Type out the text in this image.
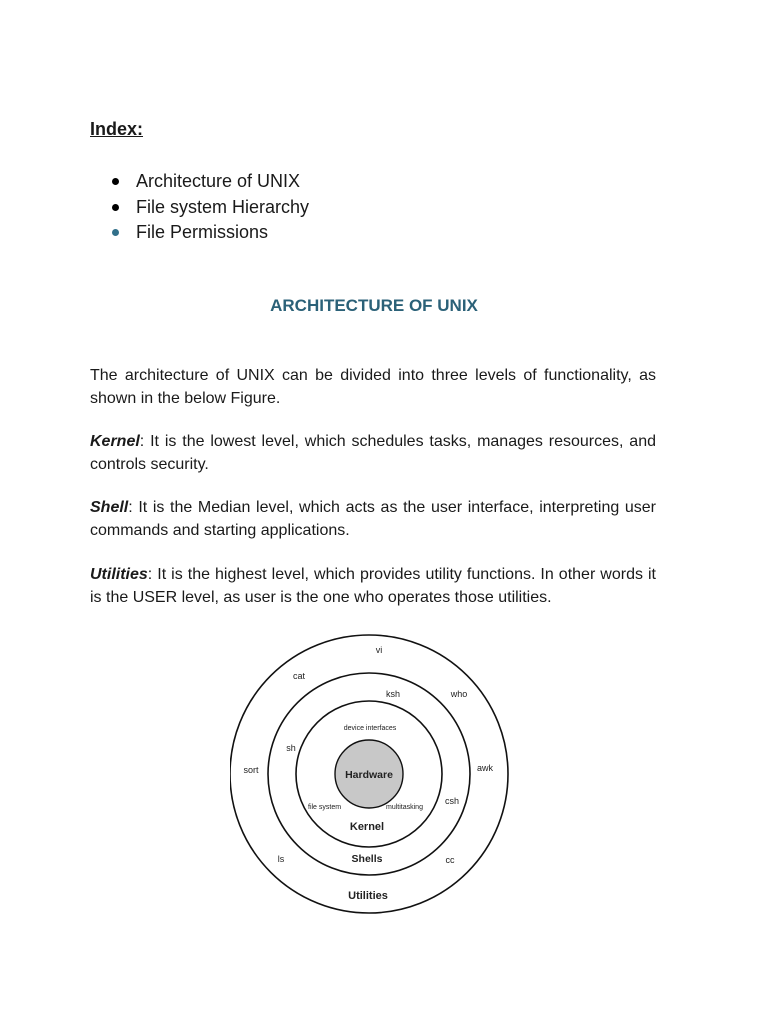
Index:
Architecture of UNIX
File system Hierarchy
File Permissions
ARCHITECTURE OF UNIX

The architecture of UNIX can be divided into three levels of functionality, as shown in the below Figure.

Kernel: It is the lowest level, which schedules tasks, manages resources, and controls security.

Shell: It is the Median level, which acts as the user interface, interpreting user commands and starting applications.

Utilities: It is the highest level, which provides utility functions. In other words it is the USER level, as user is the one who operates those utilities.

Hardware
device interfaces
file system	multitasking
Kernel
Shells
Utilities
ksh
sh
csh
vi
cat
who
sort	awk
ls	cc
